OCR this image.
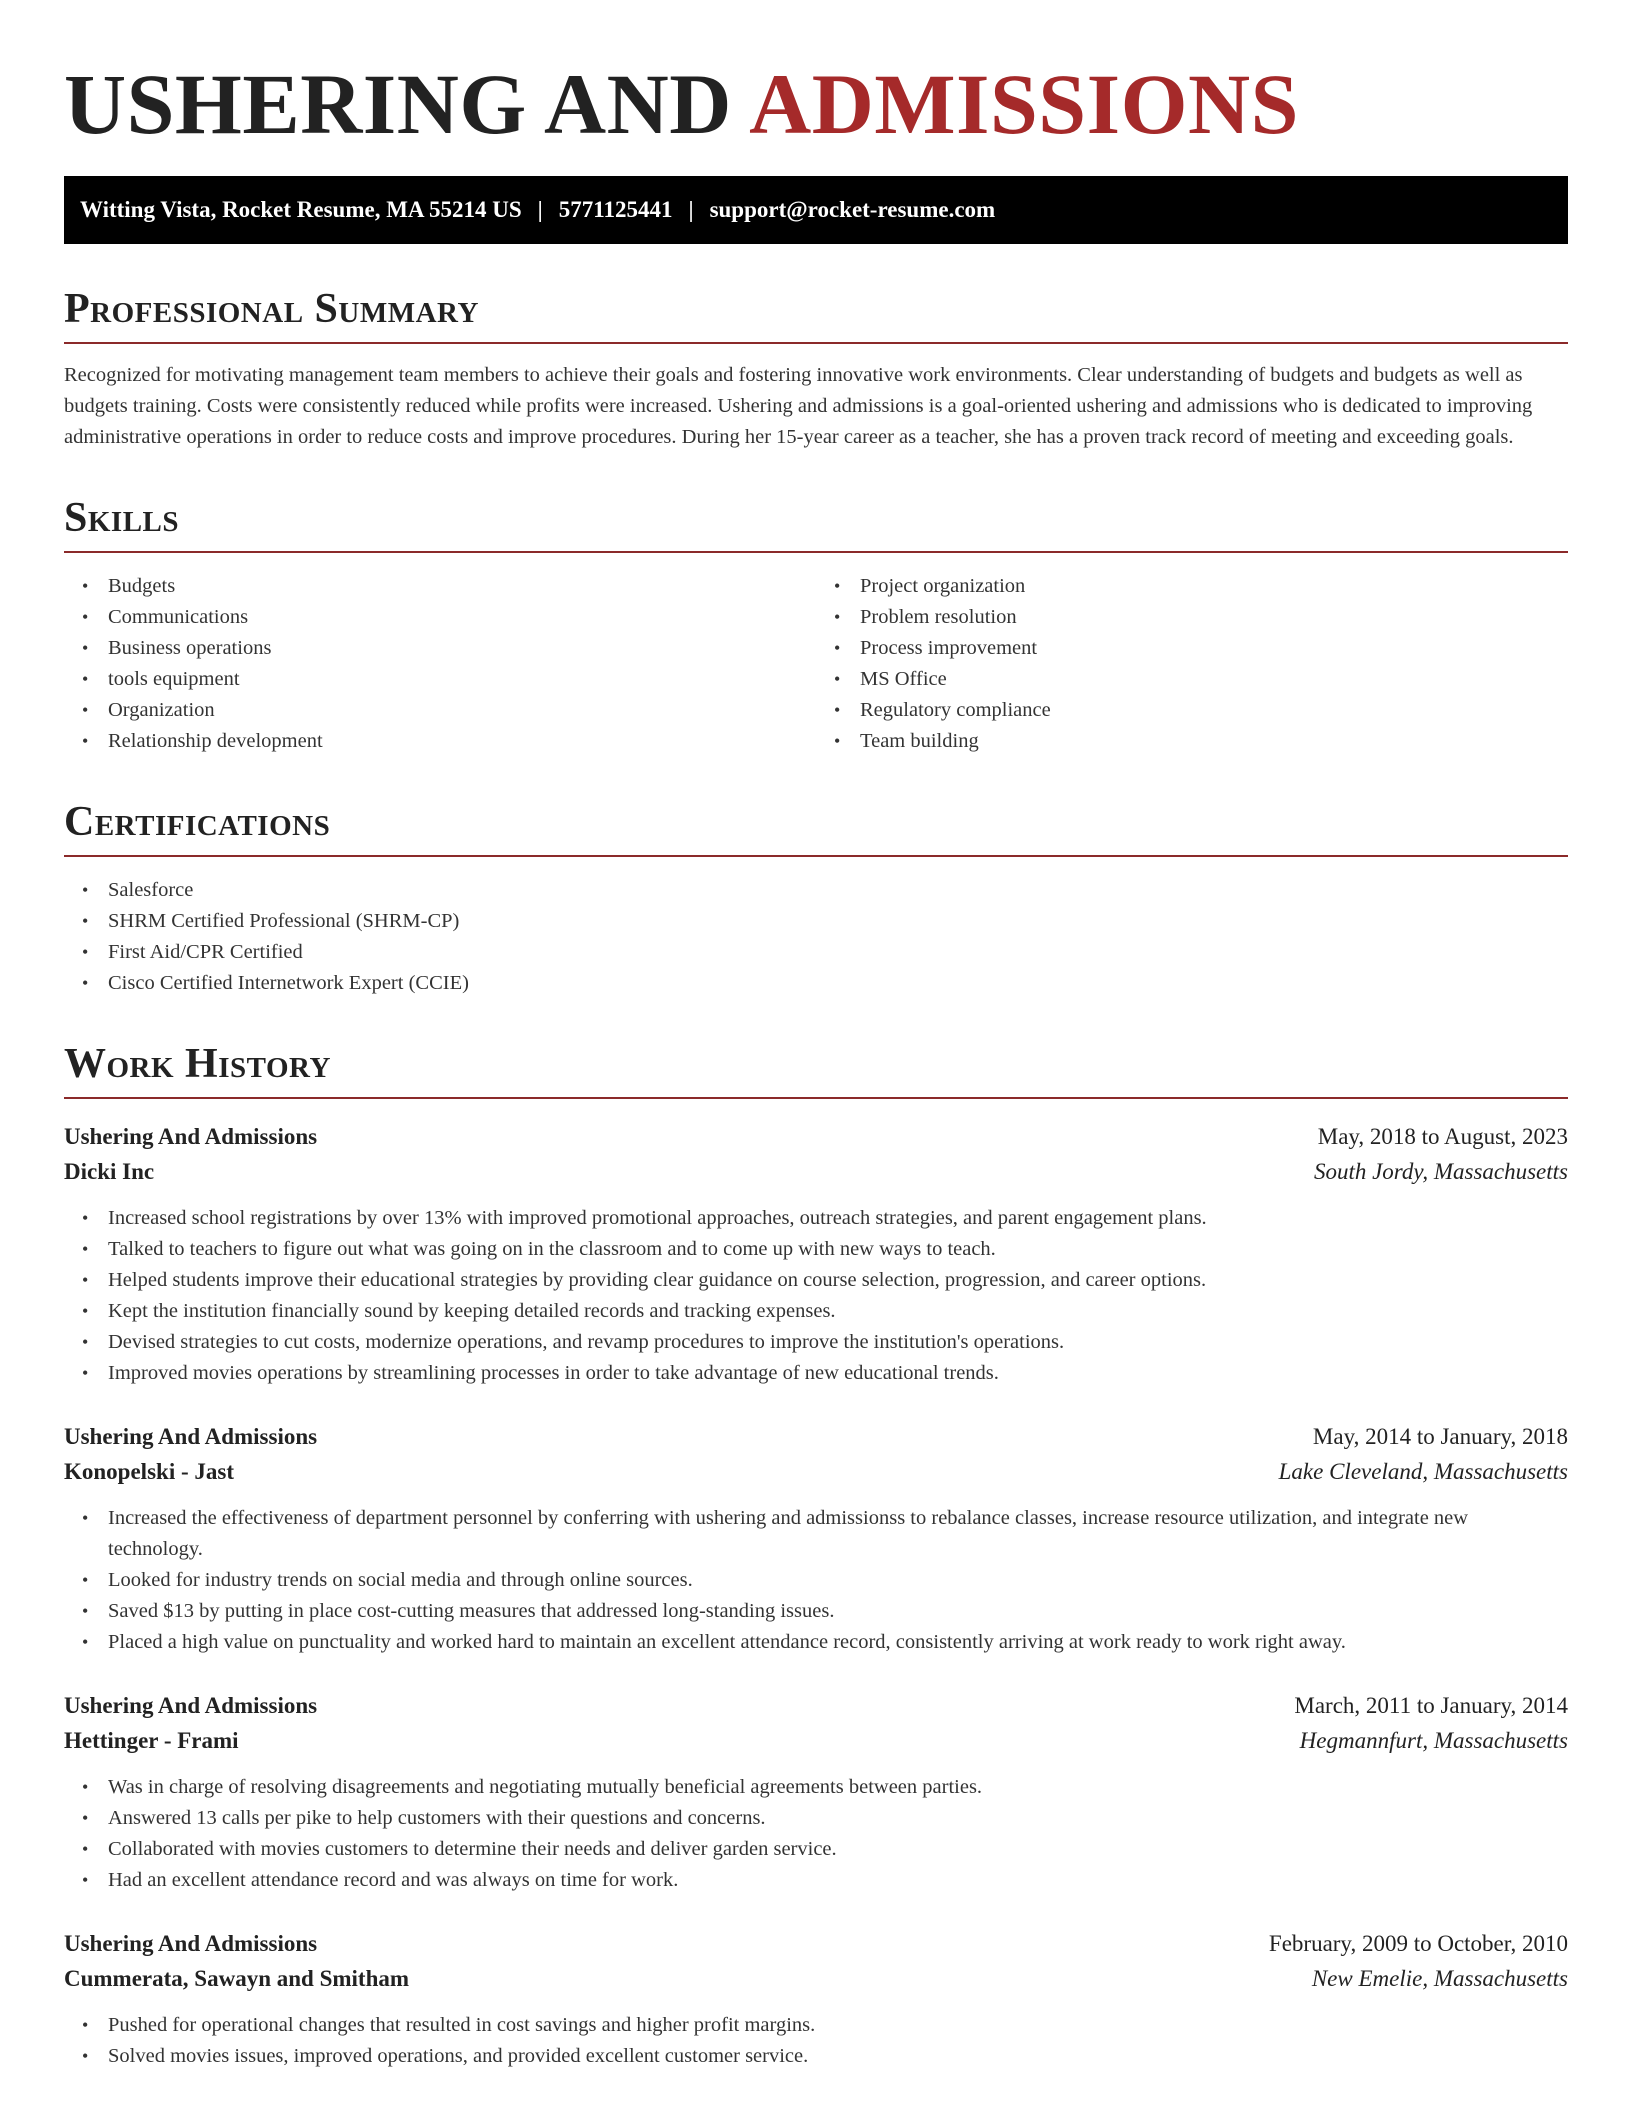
USHERING AND ADMISSIONS
Witting Vista, Rocket Resume, MA 55214 US | 5771125441 | support@rocket-resume.com
Professional Summary

Recognized for motivating management team members to achieve their goals and fostering innovative work environments. Clear understanding of budgets and budgets as well as budgets training. Costs were consistently reduced while profits were increased. Ushering and admissions is a goal-oriented ushering and admissions who is dedicated to improving administrative operations in order to reduce costs and improve procedures. During her 15-year career as a teacher, she has a proven track record of meeting and exceeding goals.

Skills
• Budgets
• Communications
• Business operations
• tools equipment
• Organization
• Relationship development
• Project organization
• Problem resolution
• Process improvement
• MS Office
• Regulatory compliance
• Team building
Certifications
• Salesforce
• SHRM Certified Professional (SHRM-CP)
• First Aid/CPR Certified
• Cisco Certified Internetwork Expert (CCIE)
Work History
Ushering And Admissions	May, 2018 to August, 2023
Dicki Inc	South Jordy, Massachusetts
• Increased school registrations by over 13% with improved promotional approaches, outreach strategies, and parent engagement plans.
• Talked to teachers to figure out what was going on in the classroom and to come up with new ways to teach.
• Helped students improve their educational strategies by providing clear guidance on course selection, progression, and career options.
• Kept the institution financially sound by keeping detailed records and tracking expenses.
• Devised strategies to cut costs, modernize operations, and revamp procedures to improve the institution's operations.
• Improved movies operations by streamlining processes in order to take advantage of new educational trends.
Ushering And Admissions	May, 2014 to January, 2018
Konopelski - Jast	Lake Cleveland, Massachusetts
• Increased the effectiveness of department personnel by conferring with ushering and admissionss to rebalance classes, increase resource utilization, and integrate new technology.
• Looked for industry trends on social media and through online sources.
• Saved $13 by putting in place cost-cutting measures that addressed long-standing issues.
• Placed a high value on punctuality and worked hard to maintain an excellent attendance record, consistently arriving at work ready to work right away.
Ushering And Admissions	March, 2011 to January, 2014
Hettinger - Frami	Hegmannfurt, Massachusetts
• Was in charge of resolving disagreements and negotiating mutually beneficial agreements between parties.
• Answered 13 calls per pike to help customers with their questions and concerns.
• Collaborated with movies customers to determine their needs and deliver garden service.
• Had an excellent attendance record and was always on time for work.
Ushering And Admissions	February, 2009 to October, 2010
Cummerata, Sawayn and Smitham	New Emelie, Massachusetts
• Pushed for operational changes that resulted in cost savings and higher profit margins.
• Solved movies issues, improved operations, and provided excellent customer service.
